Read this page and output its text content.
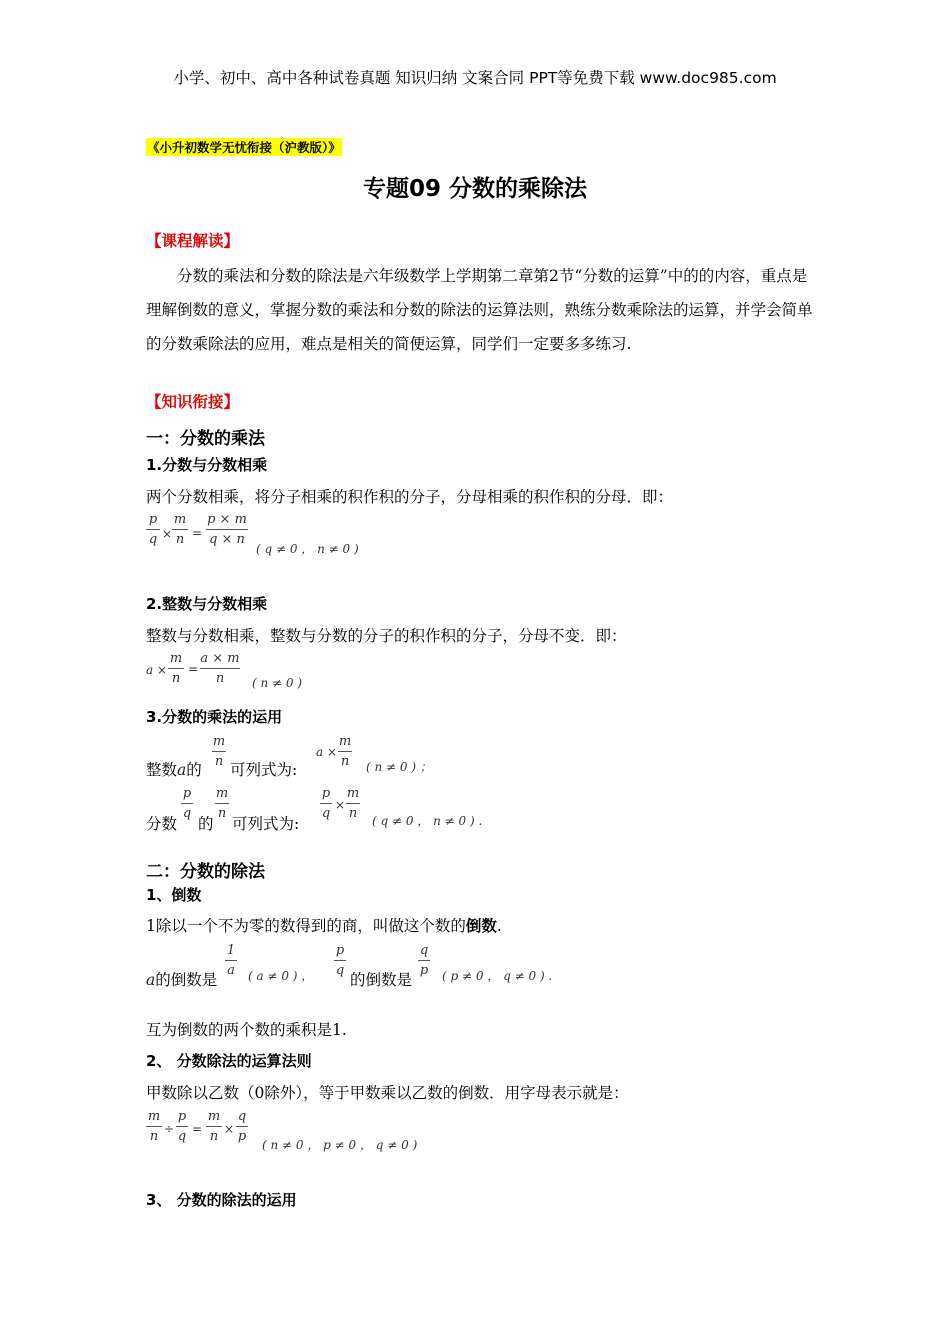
小学、初中、高中各种试卷真题 知识归纳 文案合同 PPT等免费下载 www.doc985.com
《小升初数学无忧衔接（沪教版）》
专题09 分数的乘除法
【课程解读】
分数的乘法和分数的除法是六年级数学上学期第二章第2节“分数的运算”中的的内容，重点是理解倒数的意义，掌握分数的乘法和分数的除法的运算法则，熟练分数乘除法的运算，并学会简单的分数乘除法的应用，难点是相关的简便运算，同学们一定要多多练习.
【知识衔接】
一：分数的乘法
1.分数与分数相乘
两个分数相乘，将分子相乘的积作积的分子，分母相乘的积作积的分母．即：
p
q ×
m
n =
p × m
q × n
( q ≠ 0 ， n ≠ 0 )
2.整数与分数相乘
整数与分数相乘，整数与分数的分子的积作积的分子，分母不变．即：
a ×
m
n
=
a × m
n	( n ≠ 0 )
3.分数的乘法的运用
整数a的
m
n 可列式为:
a ×
m
n ( n ≠ 0 ) ；
分数
p
q
的
m
n
可列式为:
p
q
×
m
n ( q ≠ 0 ， n ≠ 0 ) .
二：分数的除法
1、倒数
1除以一个不为零的数得到的商，叫做这个数的倒数.
a的倒数是
1
a ( a ≠ 0 ) ，
p
q
的倒数是
q
p ( p ≠ 0 ， q ≠ 0 ) .
互为倒数的两个数的乘积是1.
2、 分数除法的运算法则
甲数除以乙数（0除外），等于甲数乘以乙数的倒数．用字母表示就是：
m
n ÷
p
q =
m
n ×
q
p
( n ≠ 0 ， p ≠ 0 ， q ≠ 0 )
3、 分数的除法的运用
